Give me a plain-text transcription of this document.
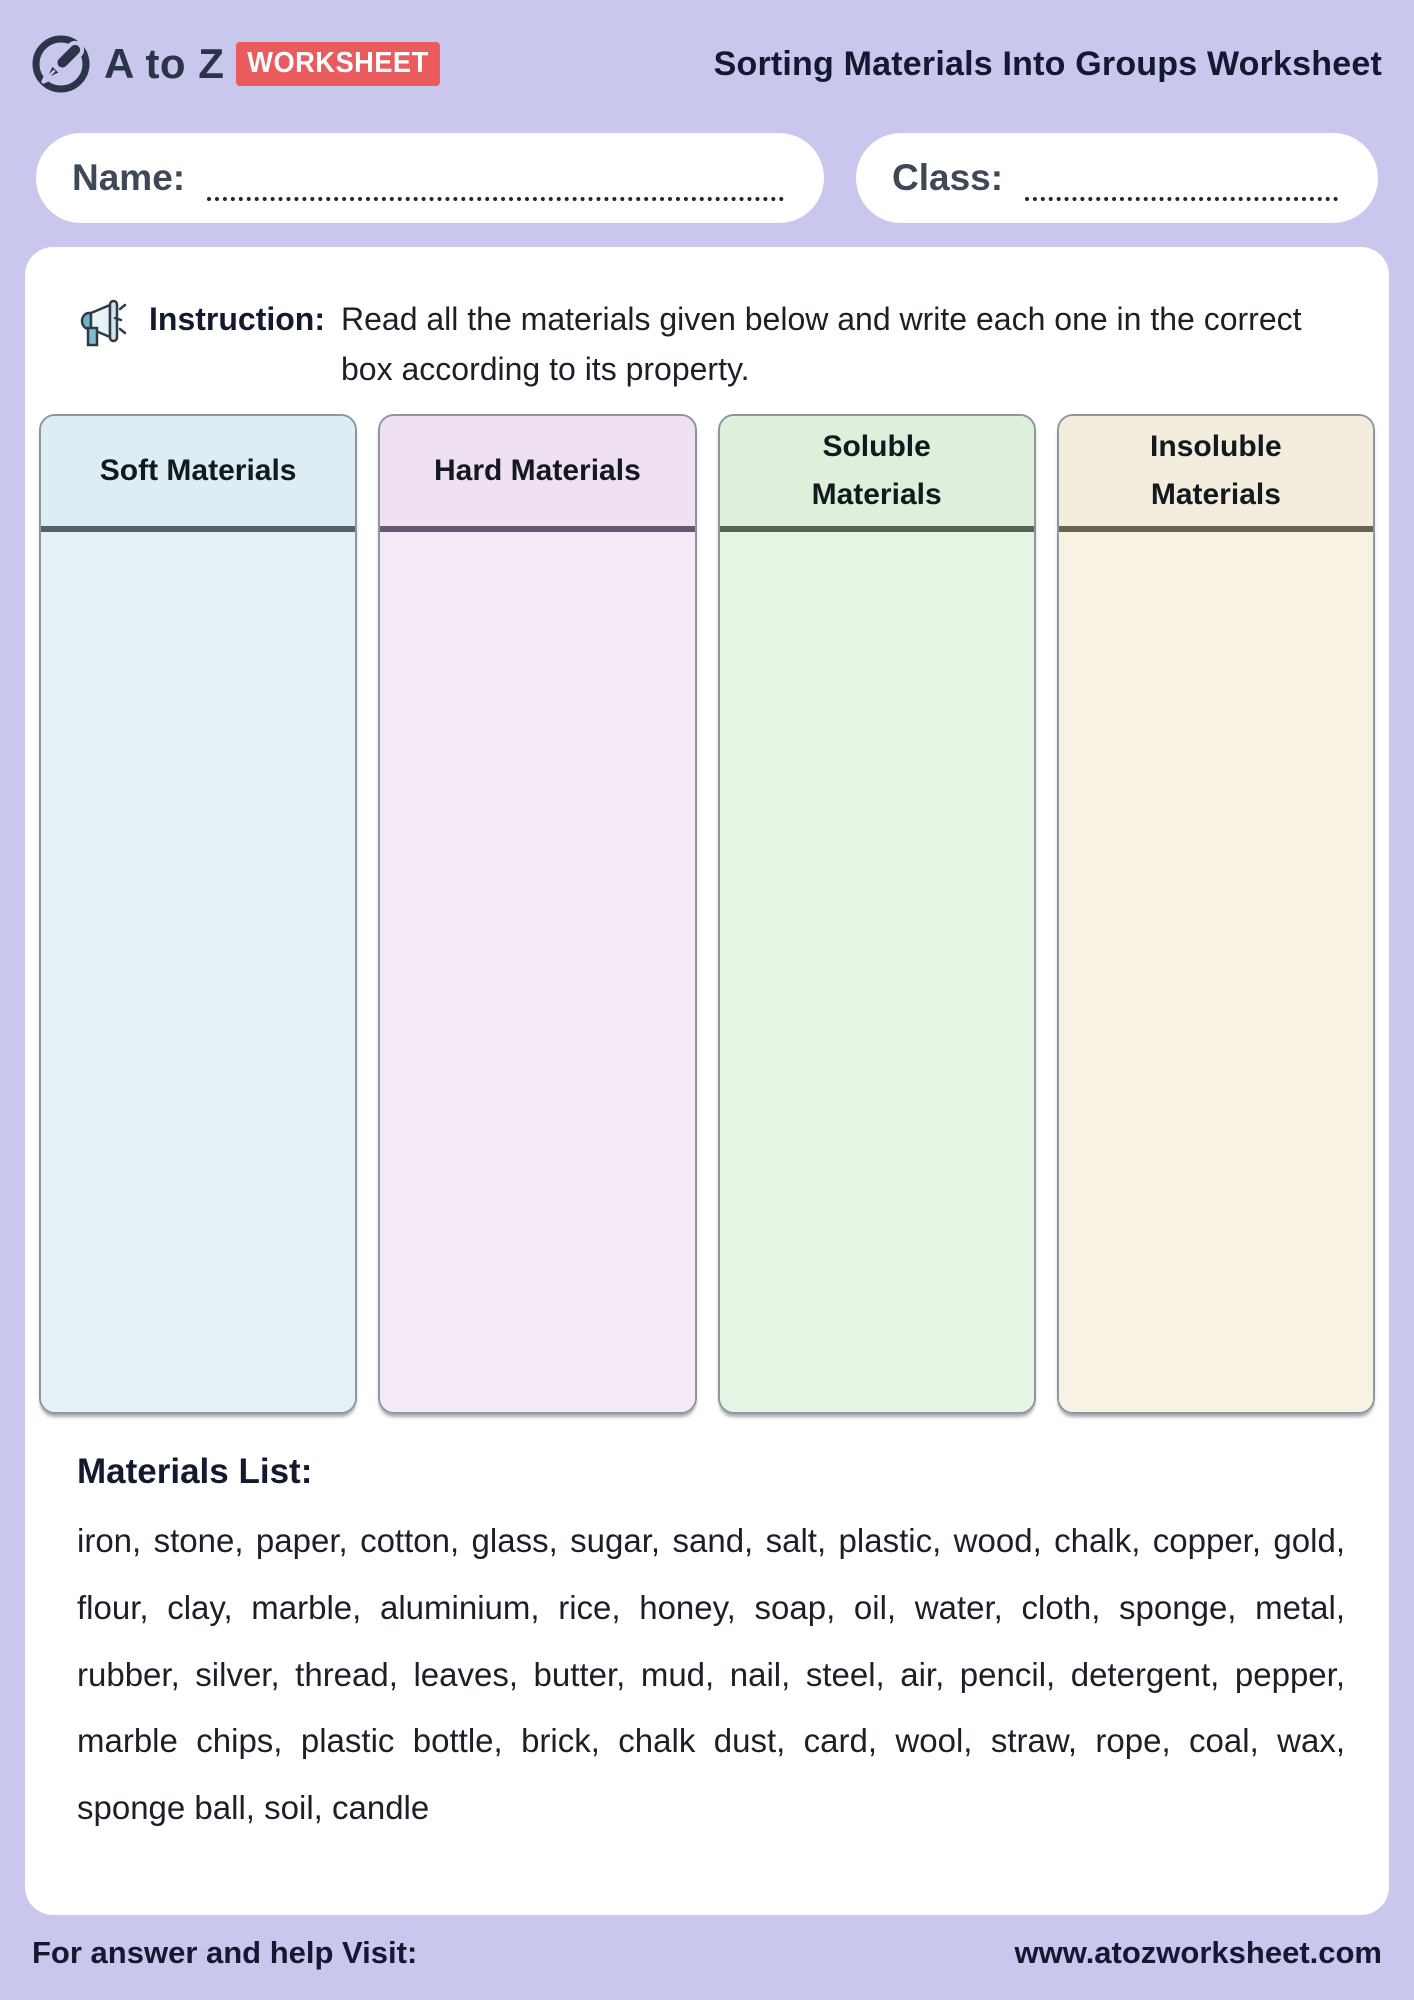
A to Z WORKSHEET	Sorting Materials Into Groups Worksheet
Name:	Class:
Instruction: Read all the materials given below and write each one in the correct box according to its property.
Soft Materials	Hard Materials
Soluble Materials
Insoluble Materials
Materials List:
iron, stone, paper, cotton, glass, sugar, sand, salt, plastic, wood, chalk, copper, gold, flour, clay, marble, aluminium, rice, honey, soap, oil, water, cloth, sponge, metal, rubber, silver, thread, leaves, butter, mud, nail, steel, air, pencil, detergent, pepper, marble chips, plastic bottle, brick, chalk dust, card, wool, straw, rope, coal, wax, sponge ball, soil, candle
For answer and help Visit:	www.atozworksheet.com
